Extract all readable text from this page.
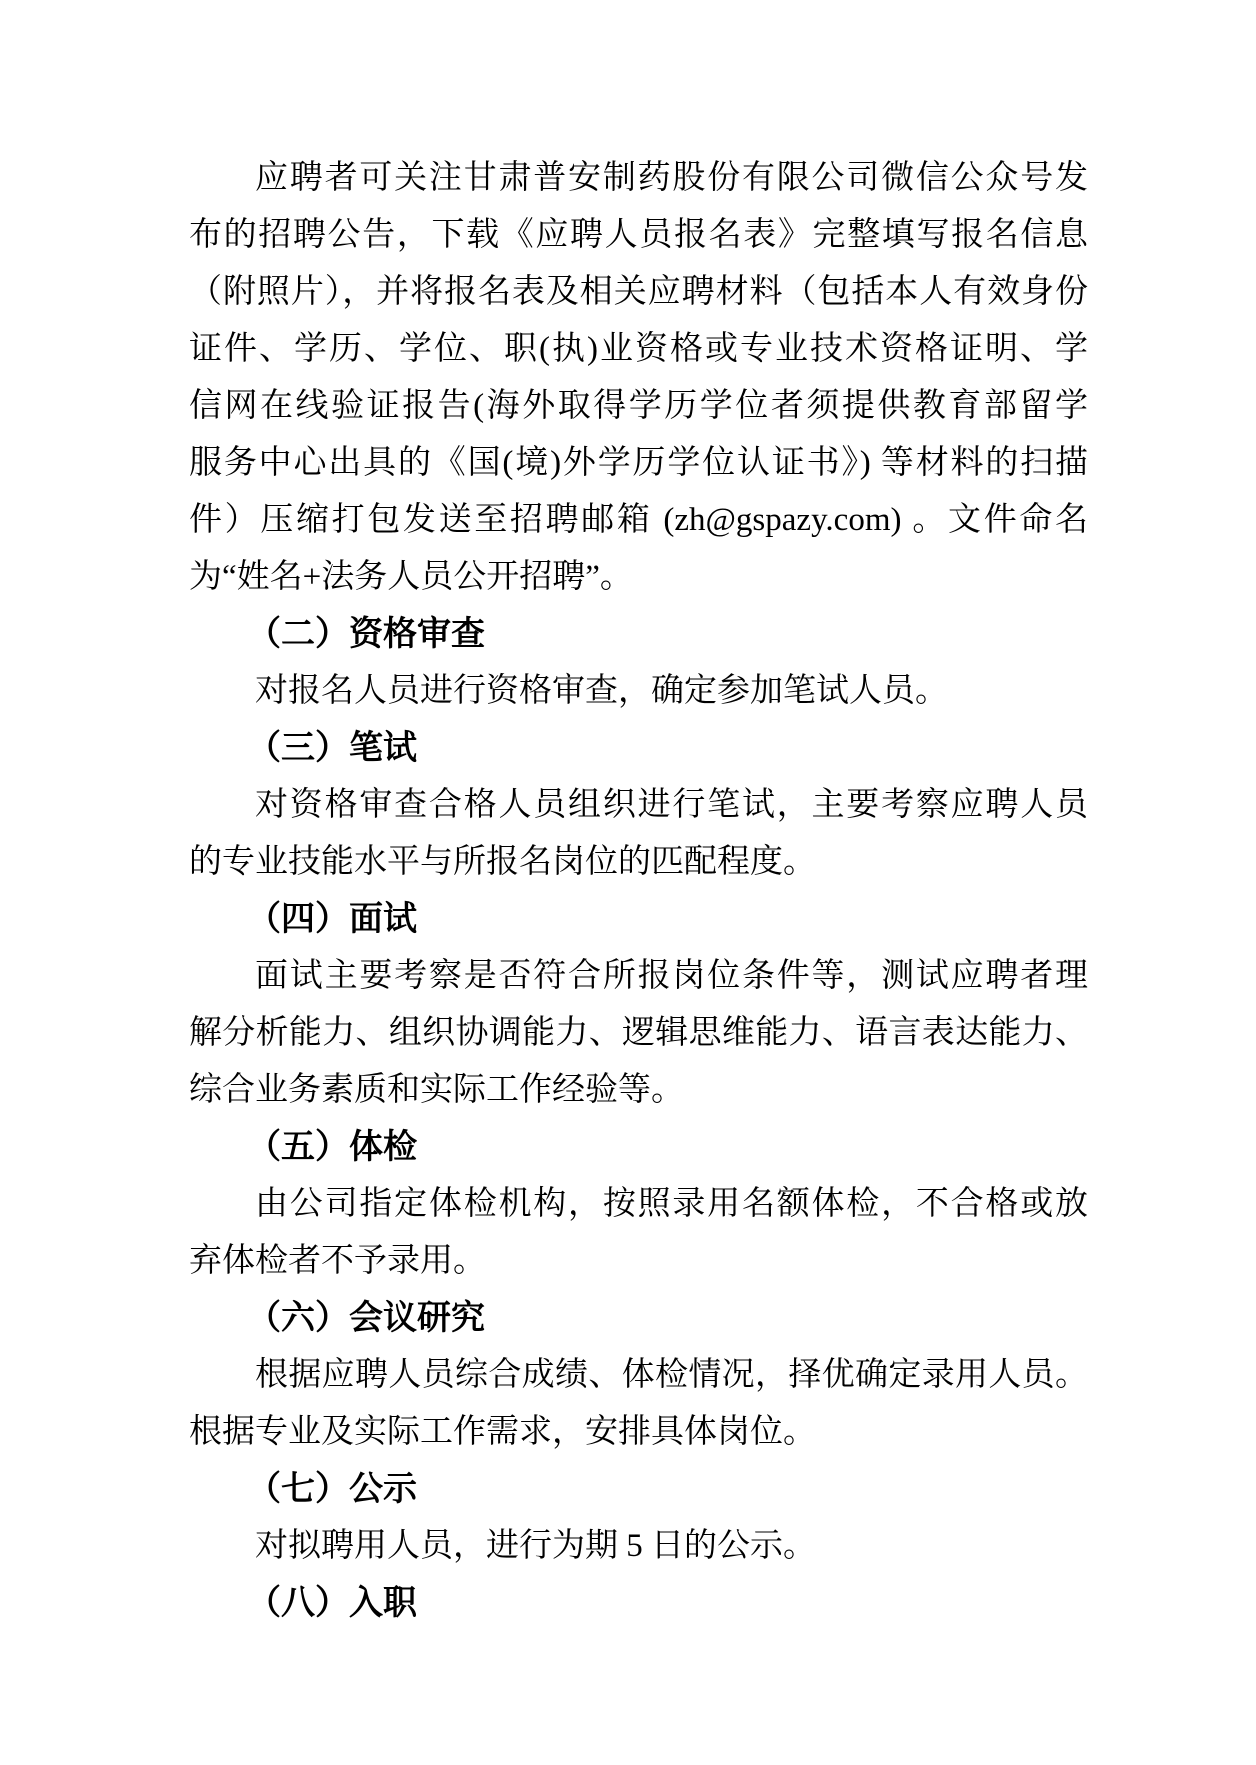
应聘者可关注甘肃普安制药股份有限公司微信公众号发
布的招聘公告，下载《应聘人员报名表》完整填写报名信息
（附照片），并将报名表及相关应聘材料（包括本人有效身份
证件、学历、学位、职(执)业资格或专业技术资格证明、学
信网在线验证报告(海外取得学历学位者须提供教育部留学
服务中心出具的《国(境)外学历学位认证书》) 等材料的扫描
件）压缩打包发送至招聘邮箱 (zh@gspazy.com) 。文件命名
为“姓名+法务人员公开招聘”。
（二）资格审查
对报名人员进行资格审查，确定参加笔试人员。
（三）笔试
对资格审查合格人员组织进行笔试，主要考察应聘人员
的专业技能水平与所报名岗位的匹配程度。
（四）面试
面试主要考察是否符合所报岗位条件等，测试应聘者理
解分析能力、组织协调能力、逻辑思维能力、语言表达能力、
综合业务素质和实际工作经验等。
（五）体检
由公司指定体检机构，按照录用名额体检，不合格或放
弃体检者不予录用。
（六）会议研究
根据应聘人员综合成绩、体检情况，择优确定录用人员。
根据专业及实际工作需求，安排具体岗位。
（七）公示
对拟聘用人员，进行为期 5 日的公示。
（八）入职
